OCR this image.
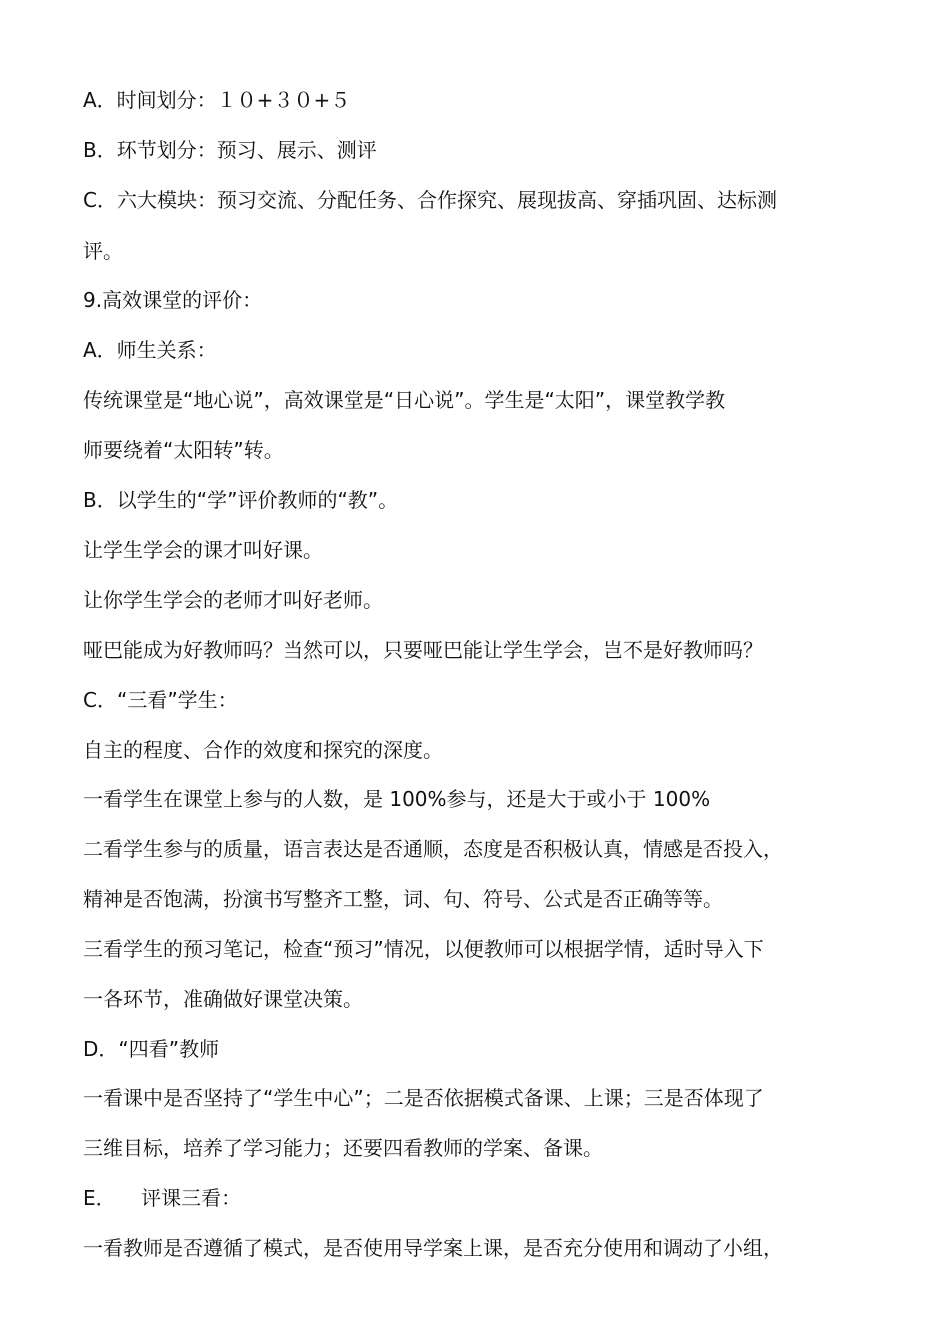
A．时间划分：１０+３０+５
B．环节划分：预习、展示、测评
C．六大模块：预习交流、分配任务、合作探究、展现拔高、穿插巩固、达标测
评。
9.高效课堂的评价：
A．师生关系：
传统课堂是“地心说”，高效课堂是“日心说”。学生是“太阳”，课堂教学教
师要绕着“太阳转”转。
B．以学生的“学”评价教师的“教”。
让学生学会的课才叫好课。
让你学生学会的老师才叫好老师。
哑巴能成为好教师吗？当然可以，只要哑巴能让学生学会，岂不是好教师吗？
C．“三看”学生：
自主的程度、合作的效度和探究的深度。
一看学生在课堂上参与的人数，是 100%参与，还是大于或小于 100%
二看学生参与的质量，语言表达是否通顺，态度是否积极认真，情感是否投入，
精神是否饱满，扮演书写整齐工整，词、句、符号、公式是否正确等等。
三看学生的预习笔记，检查“预习”情况，以便教师可以根据学情，适时导入下
一各环节，准确做好课堂决策。
D．“四看”教师
一看课中是否坚持了“学生中心”；二是否依据模式备课、上课；三是否体现了
三维目标，培养了学习能力；还要四看教师的学案、备课。
E．    评课三看：
一看教师是否遵循了模式，是否使用导学案上课，是否充分使用和调动了小组，
